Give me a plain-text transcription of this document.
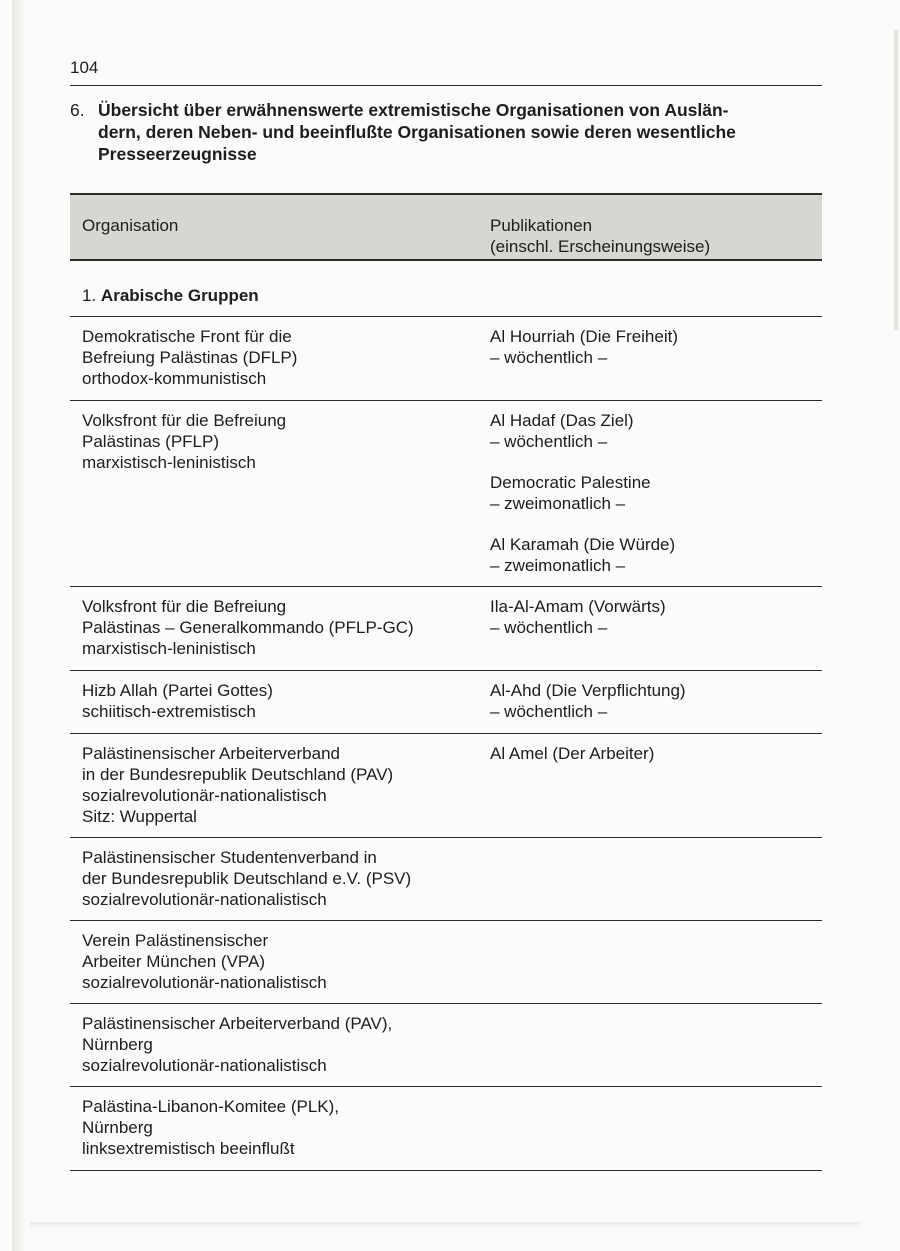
104
6. Übersicht über erwähnenswerte extremistische Organisationen von Auslän-
dern, deren Neben- und beeinflußte Organisationen sowie deren wesentliche
Presseerzeugnisse
Organisation	Publikationen
(einschl. Erscheinungsweise)
1. Arabische Gruppen
Demokratische Front für die
Befreiung Palästinas (DFLP)
orthodox-kommunistisch
Al Hourriah (Die Freiheit)
– wöchentlich –
Volksfront für die Befreiung
Palästinas (PFLP)
marxistisch-leninistisch
Al Hadaf (Das Ziel)
– wöchentlich –
Democratic Palestine
– zweimonatlich –
Al Karamah (Die Würde)
– zweimonatlich –
Volksfront für die Befreiung
Palästinas – Generalkommando (PFLP-GC)
marxistisch-leninistisch
Ila-Al-Amam (Vorwärts)
– wöchentlich –
Hizb Allah (Partei Gottes)
schiitisch-extremistisch
Al-Ahd (Die Verpflichtung)
– wöchentlich –
Palästinensischer Arbeiterverband
in der Bundesrepublik Deutschland (PAV)
sozialrevolutionär-nationalistisch
Sitz: Wuppertal
Al Amel (Der Arbeiter)
Palästinensischer Studentenverband in
der Bundesrepublik Deutschland e.V. (PSV)
sozialrevolutionär-nationalistisch
Verein Palästinensischer
Arbeiter München (VPA)
sozialrevolutionär-nationalistisch
Palästinensischer Arbeiterverband (PAV),
Nürnberg
sozialrevolutionär-nationalistisch
Palästina-Libanon-Komitee (PLK),
Nürnberg
linksextremistisch beeinflußt
